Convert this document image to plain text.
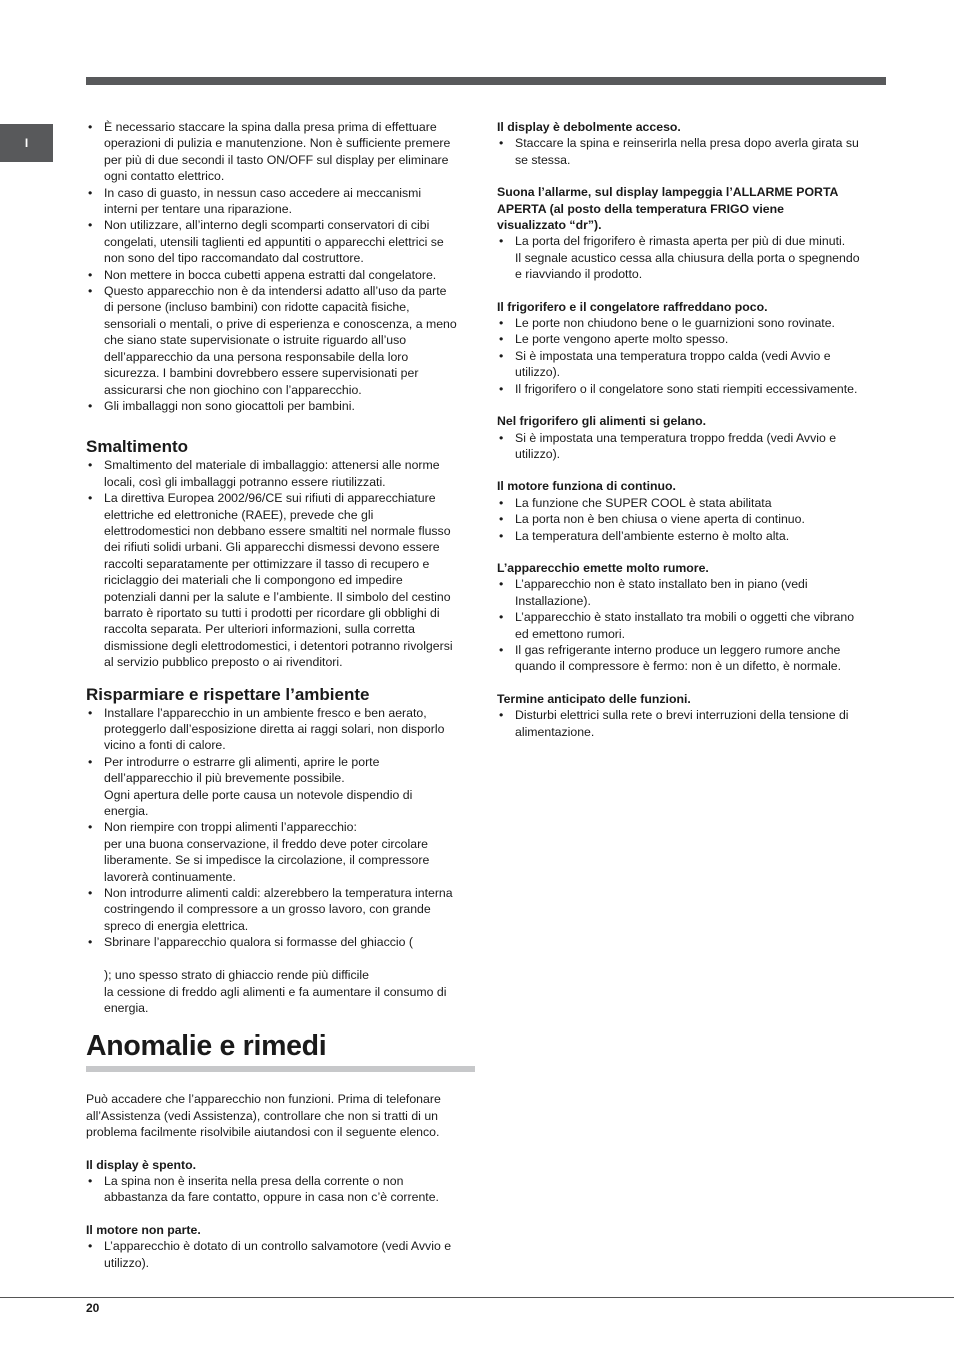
I
• È necessario staccare la spina dalla presa prima di effettuare
operazioni di pulizia e manutenzione. Non è sufficiente premere
per più di due secondi il tasto ON/OFF sul display per eliminare
ogni contatto elettrico.
• In caso di guasto, in nessun caso accedere ai meccanismi
interni per tentare una riparazione.
• Non utilizzare, all’interno degli scomparti conservatori di cibi
congelati, utensili taglienti ed appuntiti o apparecchi elettrici se
non sono del tipo raccomandato dal costruttore.
• Non mettere in bocca cubetti appena estratti dal congelatore.
• Questo apparecchio non è da intendersi adatto all’uso da parte
di persone (incluso bambini) con ridotte capacità fisiche,
sensoriali o mentali, o prive di esperienza e conoscenza, a meno
che siano state supervisionate o istruite riguardo all’uso
dell’apparecchio da una persona responsabile della loro
sicurezza. I bambini dovrebbero essere supervisionati per
assicurarsi che non giochino con l’apparecchio.
• Gli imballaggi non sono giocattoli per bambini.
Smaltimento
• Smaltimento del materiale di imballaggio: attenersi alle norme
locali, così gli imballaggi potranno essere riutilizzati.
• La direttiva Europea 2002/96/CE sui rifiuti di apparecchiature
elettriche ed elettroniche (RAEE), prevede che gli
elettrodomestici non debbano essere smaltiti nel normale flusso
dei rifiuti solidi urbani. Gli apparecchi dismessi devono essere
raccolti separatamente per ottimizzare il tasso di recupero e
riciclaggio dei materiali che li compongono ed impedire
potenziali danni per la salute e l’ambiente. Il simbolo del cestino
barrato è riportato su tutti i prodotti per ricordare gli obblighi di
raccolta separata. Per ulteriori informazioni, sulla corretta
dismissione degli elettrodomestici, i detentori potranno rivolgersi
al servizio pubblico preposto o ai rivenditori.
Risparmiare e rispettare l’ambiente
• Installare l’apparecchio in un ambiente fresco e ben aerato,
proteggerlo dall’esposizione diretta ai raggi solari, non disporlo
vicino a fonti di calore.
• Per introdurre o estrarre gli alimenti, aprire le porte
dell’apparecchio il più brevemente possibile.
Ogni apertura delle porte causa un notevole dispendio di
energia.
• Non riempire con troppi alimenti l’apparecchio:
per una buona conservazione, il freddo deve poter circolare
liberamente. Se si impedisce la circolazione, il compressore
lavorerà continuamente.
• Non introdurre alimenti caldi: alzerebbero la temperatura interna
costringendo il compressore a un grosso lavoro, con grande
spreco di energia elettrica.
• Sbrinare l’apparecchio qualora si formasse del ghiaccio (

); uno spesso strato di ghiaccio rende più difficile
la cessione di freddo agli alimenti e fa aumentare il consumo di
energia.
Anomalie e rimedi
Può accadere che l’apparecchio non funzioni. Prima di telefonare
all’Assistenza (vedi Assistenza), controllare che non si tratti di un
problema facilmente risolvibile aiutandosi con il seguente elenco.
Il display è spento.
• La spina non è inserita nella presa della corrente o non
abbastanza da fare contatto, oppure in casa non c’è corrente.
Il motore non parte.
• L’apparecchio è dotato di un controllo salvamotore (vedi Avvio e
utilizzo).
Il display è debolmente acceso.
• Staccare la spina e reinserirla nella presa dopo averla girata su
se stessa.
Suona l’allarme, sul display lampeggia l’ALLARME PORTA
APERTA (al posto della temperatura FRIGO viene
visualizzato “dr”).
• La porta del frigorifero è rimasta aperta per più di due minuti.
Il segnale acustico cessa alla chiusura della porta o spegnendo
e riavviando il prodotto.
Il frigorifero e il congelatore raffreddano poco.
• Le porte non chiudono bene o le guarnizioni sono rovinate.
• Le porte vengono aperte molto spesso.
• Si è impostata una temperatura troppo calda (vedi Avvio e
utilizzo).
• Il frigorifero o il congelatore sono stati riempiti eccessivamente.
Nel frigorifero gli alimenti si gelano.
• Si è impostata una temperatura troppo fredda (vedi Avvio e
utilizzo).
Il motore funziona di continuo.
• La funzione che SUPER COOL è stata abilitata
• La porta non è ben chiusa o viene aperta di continuo.
• La temperatura dell’ambiente esterno è molto alta.
L’apparecchio emette molto rumore.
• L’apparecchio non è stato installato ben in piano (vedi
Installazione).
• L’apparecchio è stato installato tra mobili o oggetti che vibrano
ed emettono rumori.
• Il gas refrigerante interno produce un leggero rumore anche
quando il compressore è fermo: non è un difetto, è normale.
Termine anticipato delle funzioni.
• Disturbi elettrici sulla rete o brevi interruzioni della tensione di
alimentazione.
20
